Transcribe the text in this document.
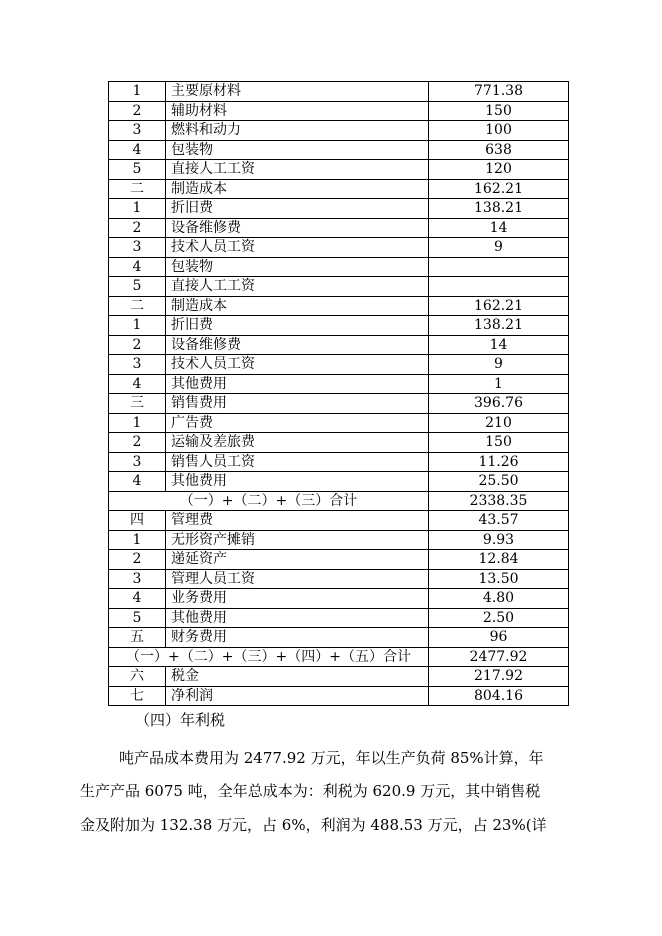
1	主要原材料	771.38
2	辅助材料	150
3	燃料和动力	100
4	包装物	638
5	直接人工工资	120
二	制造成本	162.21
1	折旧费	138.21
2	设备维修费	14
3	技术人员工资	9
4	包装物	
5	直接人工工资	
二	制造成本	162.21
1	折旧费	138.21
2	设备维修费	14
3	技术人员工资	9
4	其他费用	1
三	销售费用	396.76
1	广告费	210
2	运输及差旅费	150
3	销售人员工资	11.26
4	其他费用	25.50
（一）+（二）+（三）合计		2338.35
四	管理费	43.57
1	无形资产摊销	9.93
2	递延资产	12.84
3	管理人员工资	13.50
4	业务费用	4.80
5	其他费用	2.50
五	财务费用	96
（一）+（二）+（三）+（四）+（五）合计		2477.92
六	税金	217.92
七	净利润	804.16
（四）年利税
吨产品成本费用为 2477.92 万元，年以生产负荷 85%计算，年
生产产品 6075 吨，全年总成本为：利税为 620.9 万元，其中销售税
金及附加为 132.38 万元，占 6%，利润为 488.53 万元，占 23%(详
